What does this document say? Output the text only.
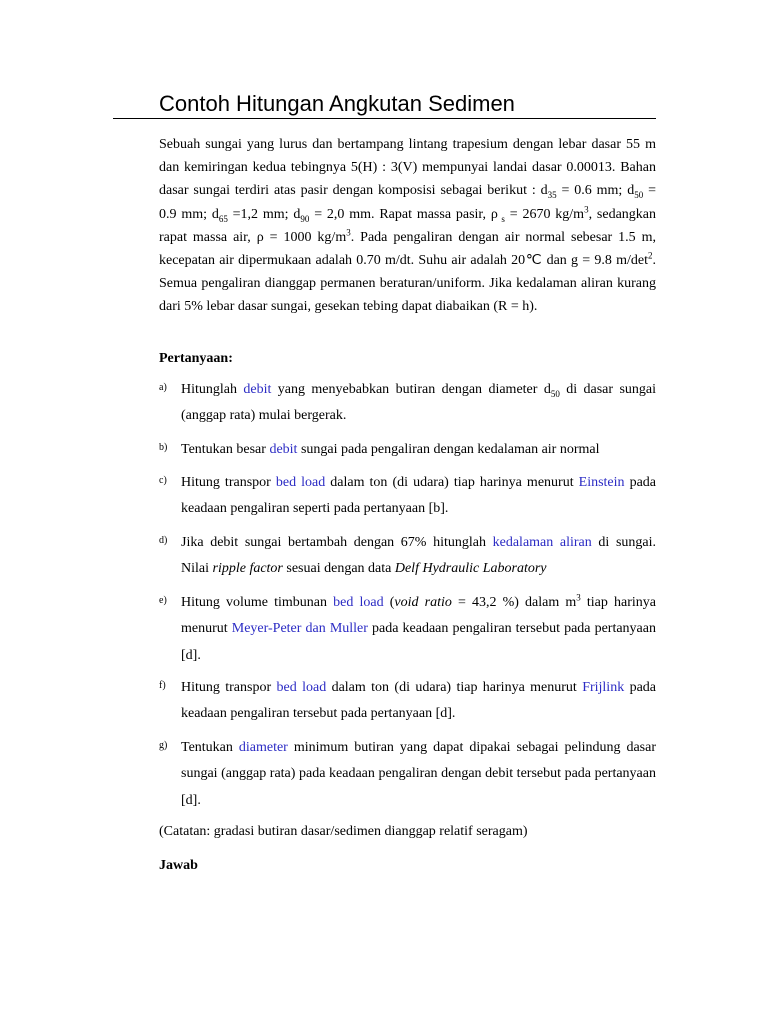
Contoh Hitungan Angkutan Sedimen
Sebuah sungai yang lurus dan bertampang lintang trapesium dengan lebar dasar 55 m dan kemiringan kedua tebingnya 5(H) : 3(V) mempunyai landai dasar 0.00013. Bahan dasar sungai terdiri atas pasir dengan komposisi sebagai berikut : $d_{35} = 0.6$ mm; $d_{50} = 0.9$ mm; $d_{65} =1,2$ mm; $d_{90} = 2,0$ mm. Rapat massa pasir, ρ $_s$ = 2670 $kg/m^3$, sedangkan rapat massa air, ρ = 1000 $kg/m^3$. Pada pengaliran dengan air normal sebesar 1.5 m, kecepatan air dipermukaan adalah 0.70 m/dt. Suhu air adalah 20℃ dan g = 9.8 $m/\det^2$. Semua pengaliran dianggap permanen beraturan/uniform. Jika kedalaman aliran kurang dari 5% lebar dasar sungai, gesekan tebing dapat diabaikan (R = h).
Pertanyaan:
a) Hitunglah debit yang menyebabkan butiran dengan diameter $d_{50}$ di dasar sungai (anggap rata) mulai bergerak.
b) Tentukan besar debit sungai pada pengaliran dengan kedalaman air normal
c) Hitung transpor bed load dalam ton (di udara) tiap harinya menurut Einstein pada keadaan pengaliran seperti pada pertanyaan [b].
d) Jika debit sungai bertambah dengan 67% hitunglah kedalaman aliran di sungai. Nilai ripple factor sesuai dengan data Delf Hydraulic Laboratory
e) Hitung volume timbunan bed load (void ratio = 43,2 %) dalam $m^3$ tiap harinya menurut Meyer-Peter dan Muller pada keadaan pengaliran tersebut pada pertanyaan [d].
f) Hitung transpor bed load dalam ton (di udara) tiap harinya menurut Frijlink pada keadaan pengaliran tersebut pada pertanyaan [d].
g) Tentukan diameter minimum butiran yang dapat dipakai sebagai pelindung dasar sungai (anggap rata) pada keadaan pengaliran dengan debit tersebut pada pertanyaan [d].
(Catatan: gradasi butiran dasar/sedimen dianggap relatif seragam)
Jawab
